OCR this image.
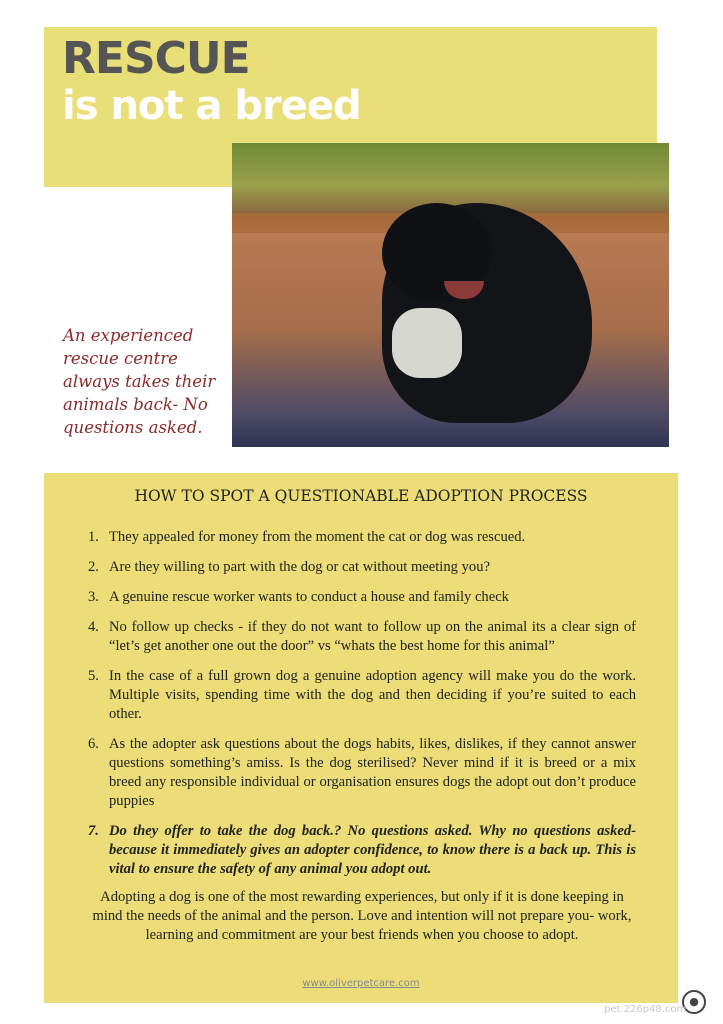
RESCUE
is not a breed
An experienced rescue centre always takes their animals back- No questions asked.
HOW TO SPOT A QUESTIONABLE ADOPTION PROCESS
1. They appealed for money from the moment the cat or dog was rescued.
2. Are they willing to part with the dog or cat without meeting you?
3. A genuine rescue worker wants to conduct a house and family check
4. No follow up checks - if they do not want to follow up on the animal its a clear sign of “let’s get another one out the door” vs “whats the best home for this animal”
5. In the case of a full grown dog a genuine adoption agency will make you do the work. Multiple visits, spending time with the dog and then deciding if you’re suited to each other.
6. As the adopter ask questions about the dogs habits, likes, dislikes, if they cannot answer questions something’s amiss. Is the dog sterilised? Never mind if it is breed or a mix breed any responsible individual or organisation ensures dogs the adopt out don’t produce puppies
7. Do they offer to take the dog back.? No questions asked. Why no questions asked- because it immediately gives an adopter confidence, to know there is a back up. This is vital to ensure the safety of any animal you adopt out.
Adopting a dog is one of the most rewarding experiences, but only if it is done keeping in mind the needs of the animal and the person. Love and intention will not prepare you- work, learning and commitment are your best friends when you choose to adopt.
www.oliverpetcare.com
●
pet.226p48.com
